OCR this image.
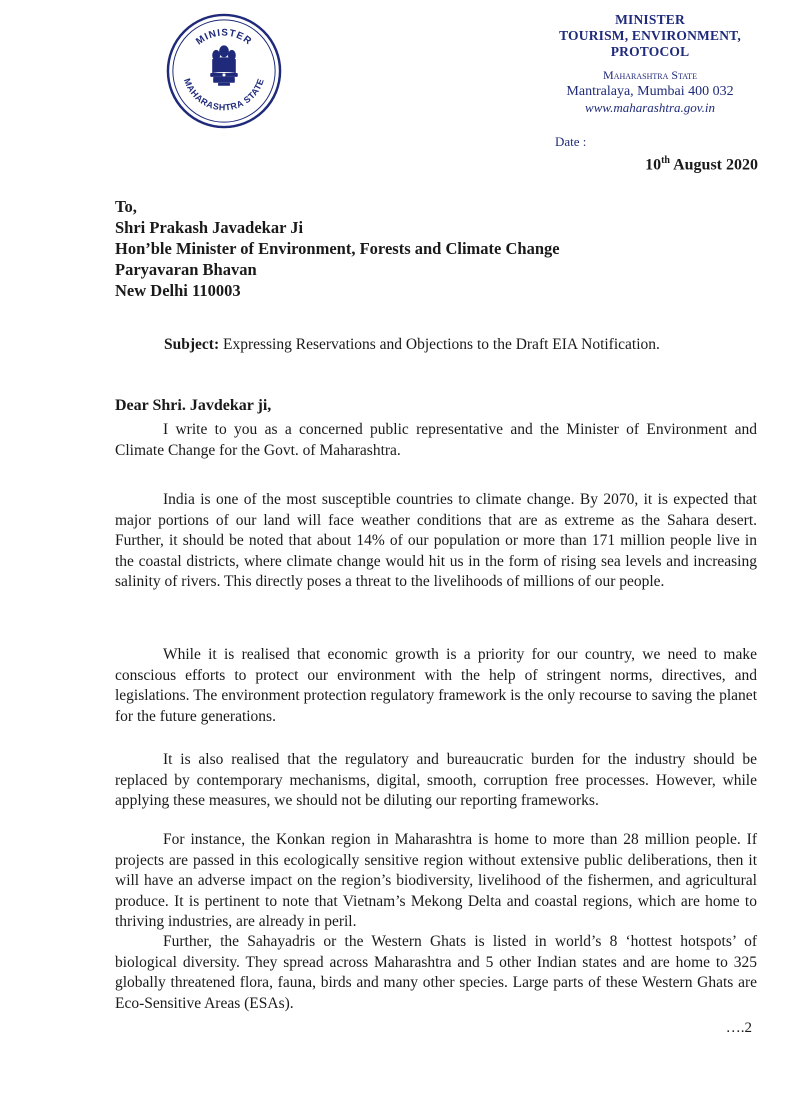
MINISTER
MAHARASHTRA STATE
MINISTER
TOURISM, ENVIRONMENT,
PROTOCOL
Maharashtra State
Mantralaya, Mumbai 400 032
www.maharashtra.gov.in
Date :
10th August 2020
To,
Shri Prakash Javadekar Ji
Hon’ble Minister of Environment, Forests and Climate Change
Paryavaran Bhavan
New Delhi 110003
Subject: Expressing Reservations and Objections to the Draft EIA Notification.
Dear Shri. Javdekar ji,

I write to you as a concerned public representative and the Minister of Environment and Climate Change for the Govt. of Maharashtra.

India is one of the most susceptible countries to climate change. By 2070, it is expected that major portions of our land will face weather conditions that are as extreme as the Sahara desert. Further, it should be noted that about 14% of our population or more than 171 million people live in the coastal districts, where climate change would hit us in the form of rising sea levels and increasing salinity of rivers. This directly poses a threat to the livelihoods of millions of our people.

While it is realised that economic growth is a priority for our country, we need to make conscious efforts to protect our environment with the help of stringent norms, directives, and legislations. The environment protection regulatory framework is the only recourse to saving the planet for the future generations.

It is also realised that the regulatory and bureaucratic burden for the industry should be replaced by contemporary mechanisms, digital, smooth, corruption free processes. However, while applying these measures, we should not be diluting our reporting frameworks.

For instance, the Konkan region in Maharashtra is home to more than 28 million people. If projects are passed in this ecologically sensitive region without extensive public deliberations, then it will have an adverse impact on the region’s biodiversity, livelihood of the fishermen, and agricultural produce. It is pertinent to note that Vietnam’s Mekong Delta and coastal regions, which are home to thriving industries, are already in peril.

Further, the Sahayadris or the Western Ghats is listed in world’s 8 ‘hottest hotspots’ of biological diversity. They spread across Maharashtra and 5 other Indian states and are home to 325 globally threatened flora, fauna, birds and many other species. Large parts of these Western Ghats are Eco-Sensitive Areas (ESAs).

….2
